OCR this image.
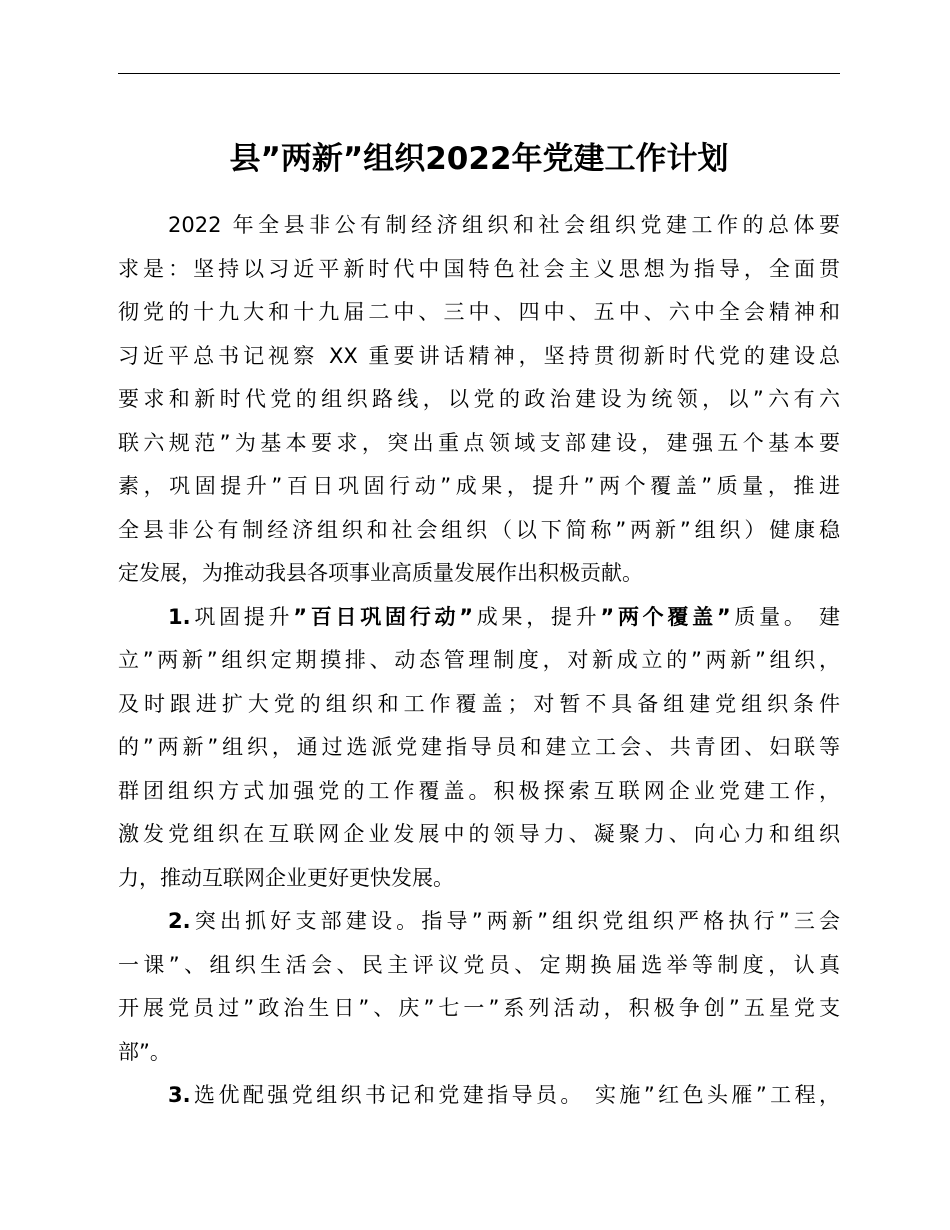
县”两新”组织2022年党建工作计划

2022 年全县非公有制经济组织和社会组织党建工作的总体要
求是：坚持以习近平新时代中国特色社会主义思想为指导，全面贯
彻党的十九大和十九届二中、三中、四中、五中、六中全会精神和
习近平总书记视察 XX 重要讲话精神，坚持贯彻新时代党的建设总
要求和新时代党的组织路线，以党的政治建设为统领，以”六有六
联六规范”为基本要求，突出重点领域支部建设，建强五个基本要
素，巩固提升”百日巩固行动”成果，提升”两个覆盖”质量，推进
全县非公有制经济组织和社会组织（以下简称”两新”组织）健康稳
定发展，为推动我县各项事业高质量发展作出积极贡献。

1.巩固提升”百日巩固行动”成果，提升”两个覆盖”质量。 建
立”两新”组织定期摸排、动态管理制度，对新成立的”两新”组织，
及时跟进扩大党的组织和工作覆盖；对暂不具备组建党组织条件
的”两新”组织，通过选派党建指导员和建立工会、共青团、妇联等
群团组织方式加强党的工作覆盖。积极探索互联网企业党建工作，
激发党组织在互联网企业发展中的领导力、凝聚力、向心力和组织
力，推动互联网企业更好更快发展。

2.突出抓好支部建设。指导”两新”组织党组织严格执行”三会
一课”、组织生活会、民主评议党员、定期换届选举等制度，认真
开展党员过”政治生日”、庆”七一”系列活动，积极争创”五星党支
部”。

3.选优配强党组织书记和党建指导员。 实施”红色头雁”工程，
